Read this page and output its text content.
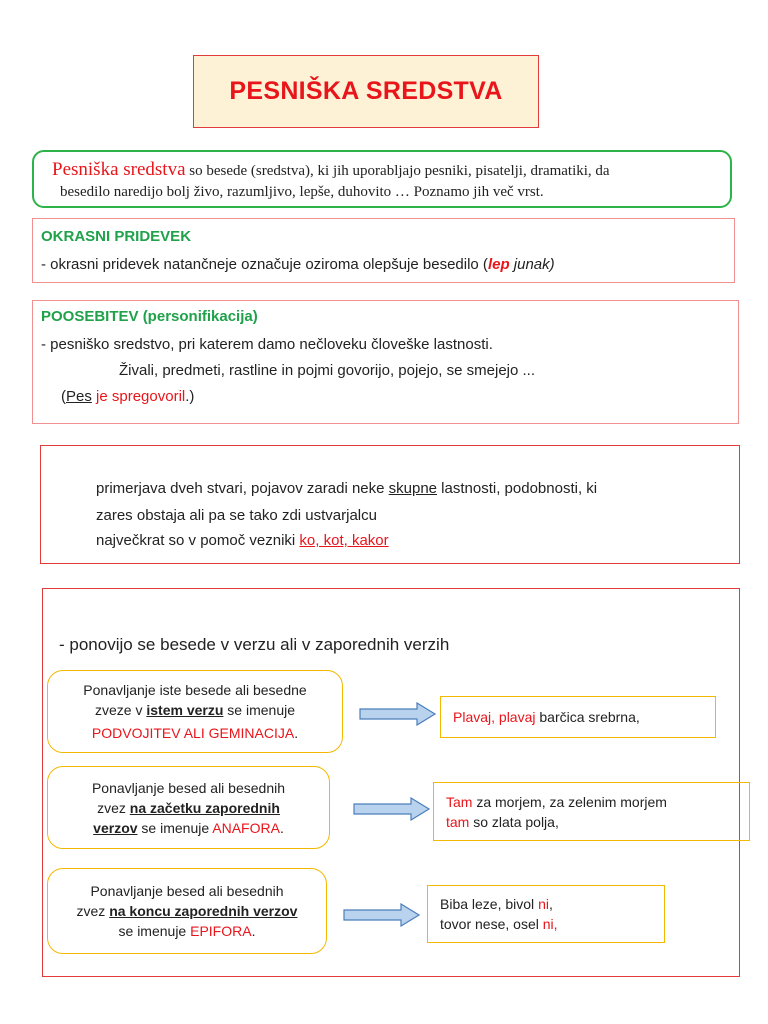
PESNIŠKA SREDSTVA
Pesniška sredstva so besede (sredstva), ki jih uporabljajo pesniki, pisatelji, dramatiki, da
besedilo naredijo bolj živo, razumljivo, lepše, duhovito … Poznamo jih več vrst.
OKRASNI PRIDEVEK
- okrasni pridevek natančneje označuje oziroma olepšuje besedilo (lep junak)
POOSEBITEV (personifikacija)
- pesniško sredstvo, pri katerem damo nečloveku človeške lastnosti.
Živali, predmeti, rastline in pojmi govorijo, pojejo, se smejejo ...
(Pes je spregovoril.)
primerjava dveh stvari, pojavov zaradi neke skupne lastnosti, podobnosti, ki
zares obstaja ali pa se tako zdi ustvarjalcu
največkrat so v pomoč vezniki ko, kot, kakor
- ponovijo se besede v verzu ali v zaporednih verzih
Ponavljanje iste besede ali besedne
zveze v istem verzu se imenuje
PODVOJITEV ALI GEMINACIJA.
Plavaj, plavaj barčica srebrna,
Ponavljanje besed ali besednih
zvez na začetku zaporednih
verzov se imenuje ANAFORA.
Tam za morjem, za zelenim morjem
tam so zlata polja,
Ponavljanje besed ali besednih
zvez na koncu zaporednih verzov
se imenuje EPIFORA.
Biba leze, bivol ni,
tovor nese, osel ni,
